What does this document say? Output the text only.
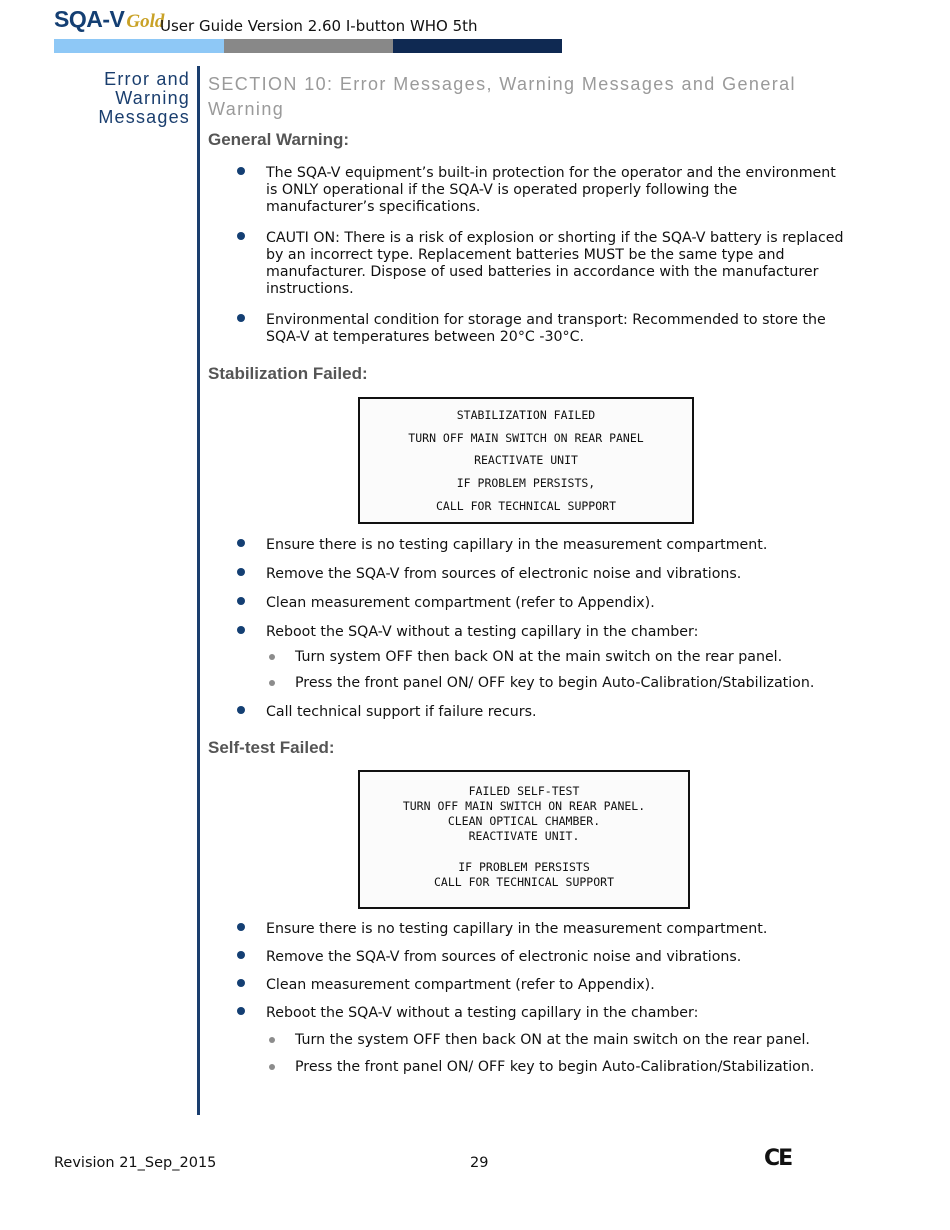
SQA-V Gold
User Guide Version 2.60 I-button WHO 5th
Error and
Warning
Messages
SECTION 10: Error Messages, Warning Messages and General Warning
General Warning:
The SQA-V equipment’s built-in protection for the operator and the environment is ONLY operational if the SQA-V is operated properly following the manufacturer’s specifications.
CAUTI ON: There is a risk of explosion or shorting if the SQA-V battery is replaced by an incorrect type. Replacement batteries MUST be the same type and manufacturer. Dispose of used batteries in accordance with the manufacturer instructions.
Environmental condition for storage and transport: Recommended to store the SQA-V at temperatures between 20°C -30°C.
Stabilization Failed:
STABILIZATION FAILED
TURN OFF MAIN SWITCH ON REAR PANEL
REACTIVATE UNIT
IF PROBLEM PERSISTS,
CALL FOR TECHNICAL SUPPORT
Ensure there is no testing capillary in the measurement compartment.
Remove the SQA-V from sources of electronic noise and vibrations.
Clean measurement compartment (refer to Appendix).
Reboot the SQA-V without a testing capillary in the chamber:
Turn system OFF then back ON at the main switch on the rear panel.
Press the front panel ON/ OFF key to begin Auto-Calibration/Stabilization.
Call technical support if failure recurs.
Self-test Failed:
FAILED SELF-TEST
TURN OFF MAIN SWITCH ON REAR PANEL.
CLEAN OPTICAL CHAMBER.
REACTIVATE UNIT.
IF PROBLEM PERSISTS
CALL FOR TECHNICAL SUPPORT
Ensure there is no testing capillary in the measurement compartment.
Remove the SQA-V from sources of electronic noise and vibrations.
Clean measurement compartment (refer to Appendix).
Reboot the SQA-V without a testing capillary in the chamber:
Turn the system OFF then back ON at the main switch on the rear panel.
Press the front panel ON/ OFF key to begin Auto-Calibration/Stabilization.
Revision 21_Sep_2015	29	CE
